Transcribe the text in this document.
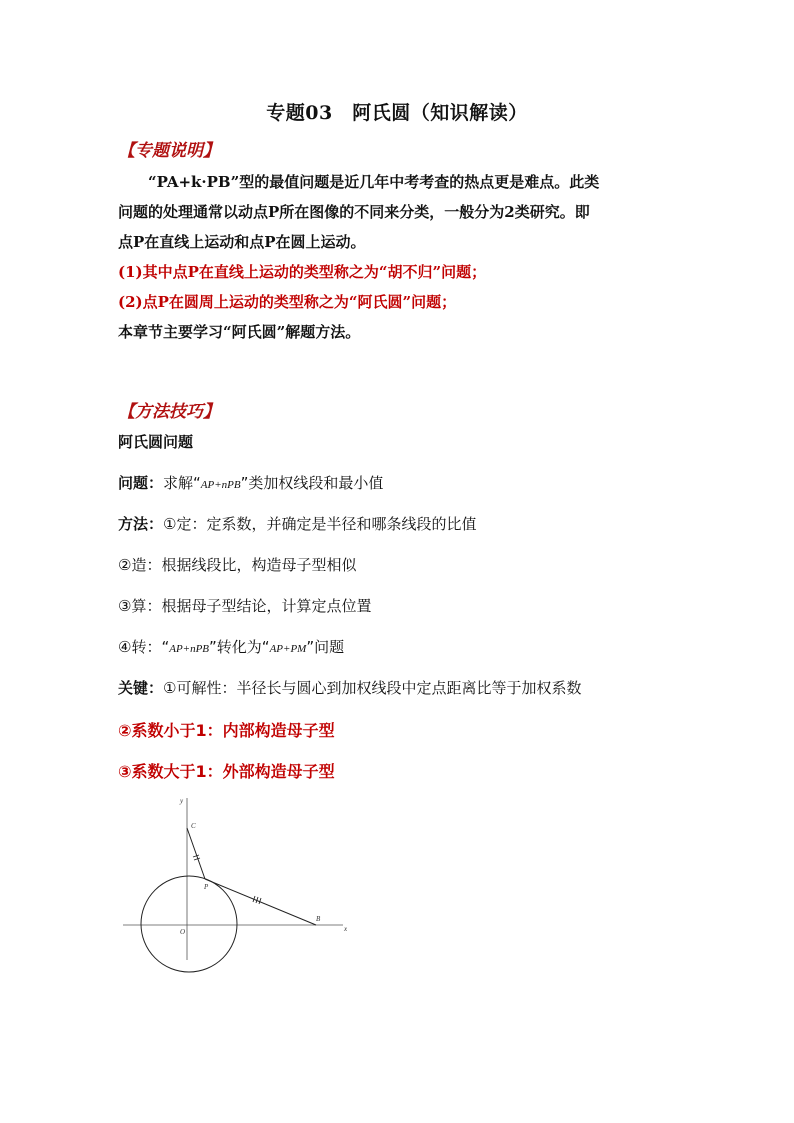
专题03　阿氏圆（知识解读）
【专题说明】

“PA+k·PB”型的最值问题是近几年中考考查的热点更是难点。此类

问题的处理通常以动点P所在图像的不同来分类，一般分为2类研究。即

点P在直线上运动和点P在圆上运动。

(1)其中点P在直线上运动的类型称之为“胡不归”问题；

(2)点P在圆周上运动的类型称之为“阿氏圆”问题；

本章节主要学习“阿氏圆”解题方法。

【方法技巧】
阿氏圆问题
问题：求解“AP+nPB”类加权线段和最小值
方法：①定：定系数，并确定是半径和哪条线段的比值
②造：根据线段比，构造母子型相似
③算：根据母子型结论，计算定点位置
④转：“AP+nPB”转化为“AP+PM”问题
关键：①可解性：半径长与圆心到加权线段中定点距离比等于加权系数
②系数小于1：内部构造母子型
③系数大于1：外部构造母子型
y
x
C
P
B
O
